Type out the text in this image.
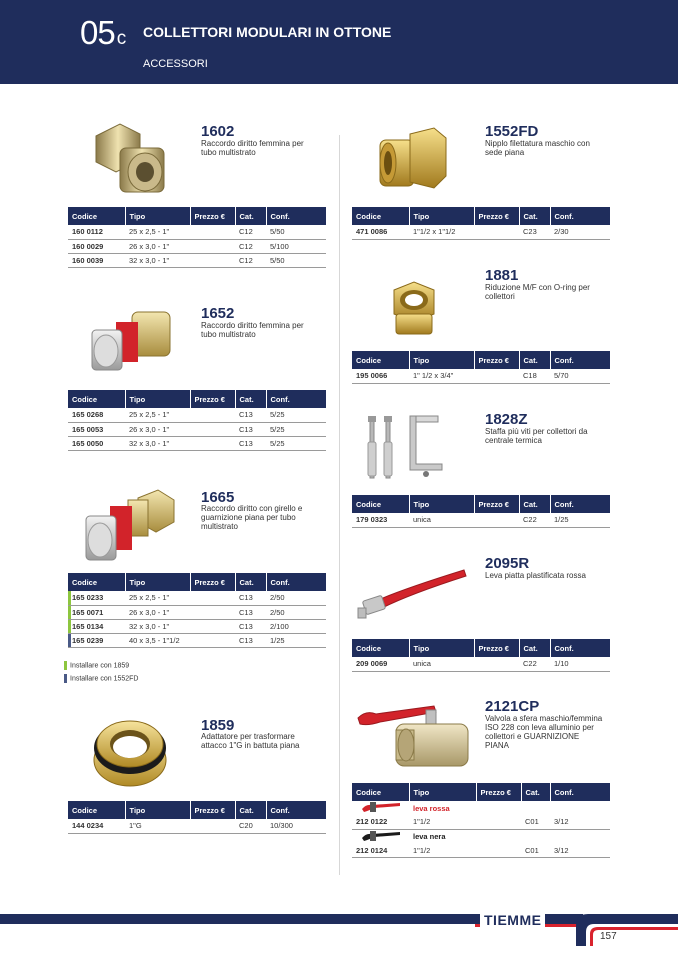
05 c COLLETTORI MODULARI IN OTTONE
ACCESSORI
1602
Raccordo diritto femmina per tubo multistrato
Codice	Tipo	Prezzo €	Cat.	Conf.
160 0112	25 x 2,5 - 1"		C12	5/50
160 0029	26 x 3,0 - 1"		C12	5/100
160 0039	32 x 3,0 - 1"		C12	5/50
1652
Raccordo diritto femmina per tubo multistrato
Codice	Tipo	Prezzo €	Cat.	Conf.
165 0268	25 x 2,5 - 1"		C13	5/25
165 0053	26 x 3,0 - 1"		C13	5/25
165 0050	32 x 3,0 - 1"		C13	5/25
1665
Raccordo diritto con girello e guarnizione piana per tubo multistrato
Codice	Tipo	Prezzo €	Cat.	Conf.
165 0233	25 x 2,5 - 1"		C13	2/50
165 0071	26 x 3,0 - 1"		C13	2/50
165 0134	32 x 3,0 - 1"		C13	2/100
165 0239	40 x 3,5 - 1"1/2		C13	1/25
Installare con 1859
Installare con 1552FD
1859
Adattatore per trasformare attacco 1"G in battuta piana
Codice	Tipo	Prezzo €	Cat.	Conf.
144 0234	1"G		C20	10/300
1552FD
Nipplo filettatura maschio con sede piana
Codice	Tipo	Prezzo €	Cat.	Conf.
471 0086	1"1/2 x 1"1/2		C23	2/30
1881
Riduzione M/F con O-ring per collettori
Codice	Tipo	Prezzo €	Cat.	Conf.
195 0066	1" 1/2 x 3/4"		C18	5/70
1828Z
Staffa più viti per collettori da centrale termica
Codice	Tipo	Prezzo €	Cat.	Conf.
179 0323	unica		C22	1/25
2095R
Leva piatta plastificata rossa
Codice	Tipo	Prezzo €	Cat.	Conf.
209 0069	unica		C22	1/10
2121CP
Valvola a sfera maschio/femmina ISO 228 con leva alluminio per collettori e GUARNIZIONE PIANA
Codice	Tipo	Prezzo €	Cat.	Conf.
	leva rossa			
212 0122	1"1/2		C01	3/12
	leva nera			
212 0124	1"1/2		C01	3/12
TIEMME
157
